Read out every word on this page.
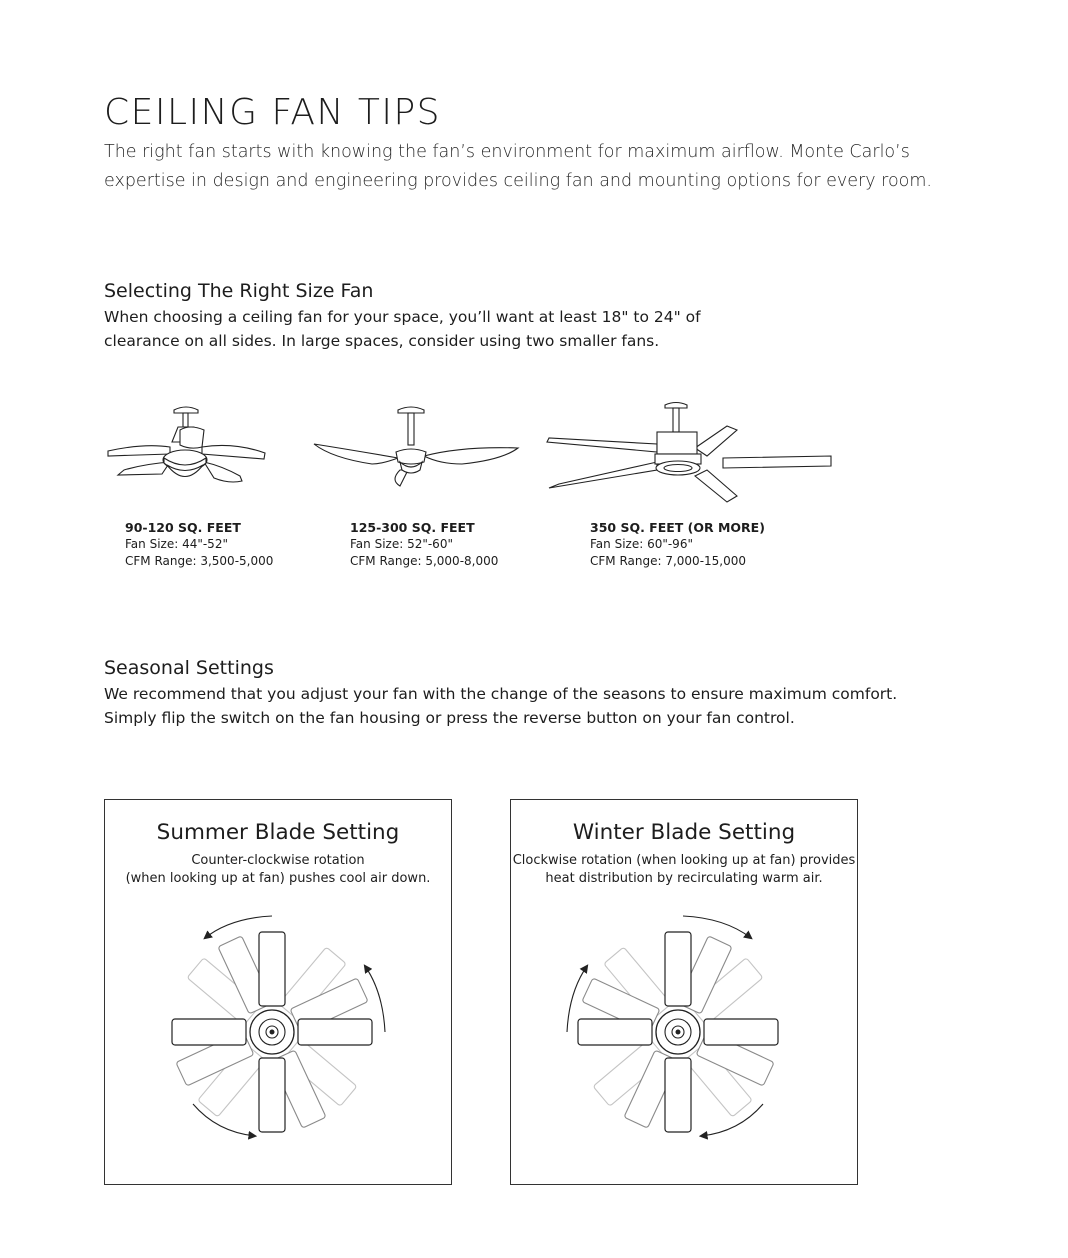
CEILING FAN TIPS

The right fan starts with knowing the fan’s environment for maximum airflow. Monte Carlo’s expertise in design and engineering provides ceiling fan and mounting options for every room.

Selecting The Right Size Fan

When choosing a ceiling fan for your space, you’ll want at least 18" to 24" of clearance on all sides. In large spaces, consider using two smaller fans.

90-120 SQ. FEET
Fan Size: 44"-52"
CFM Range: 3,500-5,000
125-300 SQ. FEET
Fan Size: 52"-60"
CFM Range: 5,000-8,000
350 SQ. FEET (OR MORE)
Fan Size: 60"-96"
CFM Range: 7,000-15,000
Seasonal Settings

We recommend that you adjust your fan with the change of the seasons to ensure maximum comfort. Simply flip the switch on the fan housing or press the reverse button on your fan control.

Summer Blade Setting
Counter-clockwise rotation
(when looking up at fan) pushes cool air down.
Winter Blade Setting
Clockwise rotation (when looking up at fan) provides
heat distribution by recirculating warm air.
